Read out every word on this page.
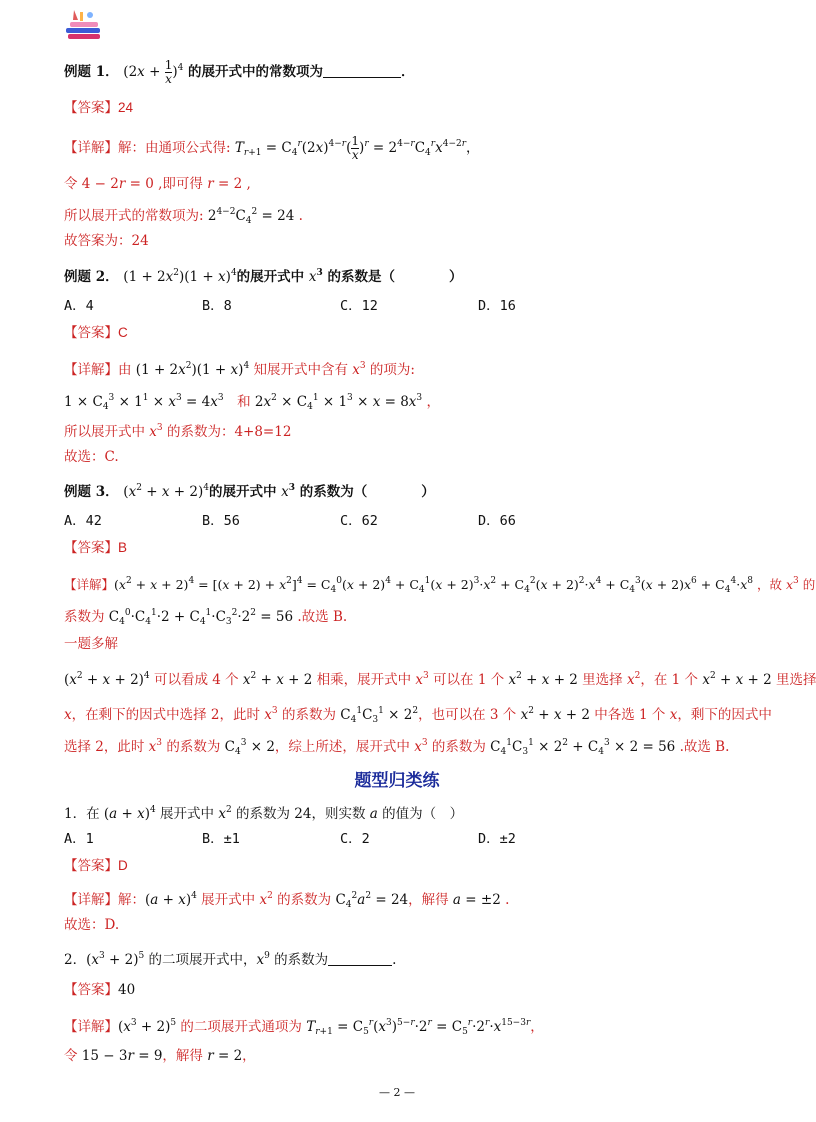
例题 1． $(2x + \frac{1}{x} )^4$ 的展开式中的常数项为	．
【答案】24
【详解】解：由通项公式得: $T_{r+1} = C_4^r(2x)^{4-r}( \frac{1}{x} )^r = 2^{4-r}C_4^rx^{4-2r}$，
令 4 − 2r = 0 ,即可得 r = 2 ,
所以展开式的常数项为: $2^{4-2}C_4^2 = 24$ .
故答案为：24
例题 2． $(1 + 2x^2)(1 + x)^4$的展开式中 $x^3$ 的系数是（　　　　）
A．4	B．8	C．12	D．16
【答案】C
【详解】由 $(1 + 2x^2)(1 + x)^4$ 知展开式中含有 $x^3$ 的项为:
$1 \times C_4^3 \times 1^1 \times x^3 = 4x^3$　 和 $2x^2 \times C_4^1 \times 1^3 \times x = 8x^3$ ，
所以展开式中 $x^3$ 的系数为：4+8=12
故选：C.
例题 3． $(x^2 + x + 2)^4$的展开式中 $x^3$ 的系数为（　　　　）
A．42	B．56	C．62	D．66
【答案】B
【详解】$(x^2 + x + 2)^4 = [(x + 2) + x^2]^4 = C_4^0(x + 2)^4 + C_4^1(x + 2)^3\cdot x^2 + C_4^2(x + 2)^2\cdot x^4 + C_4^3(x + 2)x^6 + C_4^4\cdot x^8$ ，故 $x^3$ 的
系数为 $C_4^0\cdot C_4^1\cdot 2 + C_4^1\cdot C_3^2\cdot 2^2 = 56$ .故选 B.
一题多解
$(x^2 + x + 2)^4$ 可以看成 4 个 $x^2 + x + 2$ 相乘，展开式中 $x^3$ 可以在 1 个 $x^2 + x + 2$ 里选择 $x^2$，在 1 个 $x^2 + x + 2$ 里选择
x，在剩下的因式中选择 2，此时 $x^3$ 的系数为 $C_4^1C_3^1 \times 2^2$，也可以在 3 个 $x^2 + x + 2$ 中各选 1 个 x，剩下的因式中
选择 2，此时 $x^3$ 的系数为 $C_4^3 \times 2$，综上所述，展开式中 $x^3$ 的系数为 $C_4^1C_3^1 \times 2^2 + C_4^3 \times 2 = 56$ .故选 B.
题型归类练
1．在 $(a + x)^4$ 展开式中 $x^2$ 的系数为 24，则实数 a 的值为（　）
A．1	B．±1	C．2	D．±2
【答案】D
【详解】解：$(a + x)^4$ 展开式中 $x^2$ 的系数为 $C_4^2a^2 = 24$，解得 a = ±2 .
故选：D.
2．$(x^3 + 2)^5$ 的二项展开式中，$x^9$ 的系数为	.
【答案】40
【详解】$(x^3 + 2)^5$ 的二项展开式通项为 $T_{r+1} = C_5^r(x^3)^{5-r}\cdot 2^r = C_5^r\cdot 2^r\cdot x^{15-3r}$，
令 15 − 3r = 9，解得 r = 2，
— 2 —
